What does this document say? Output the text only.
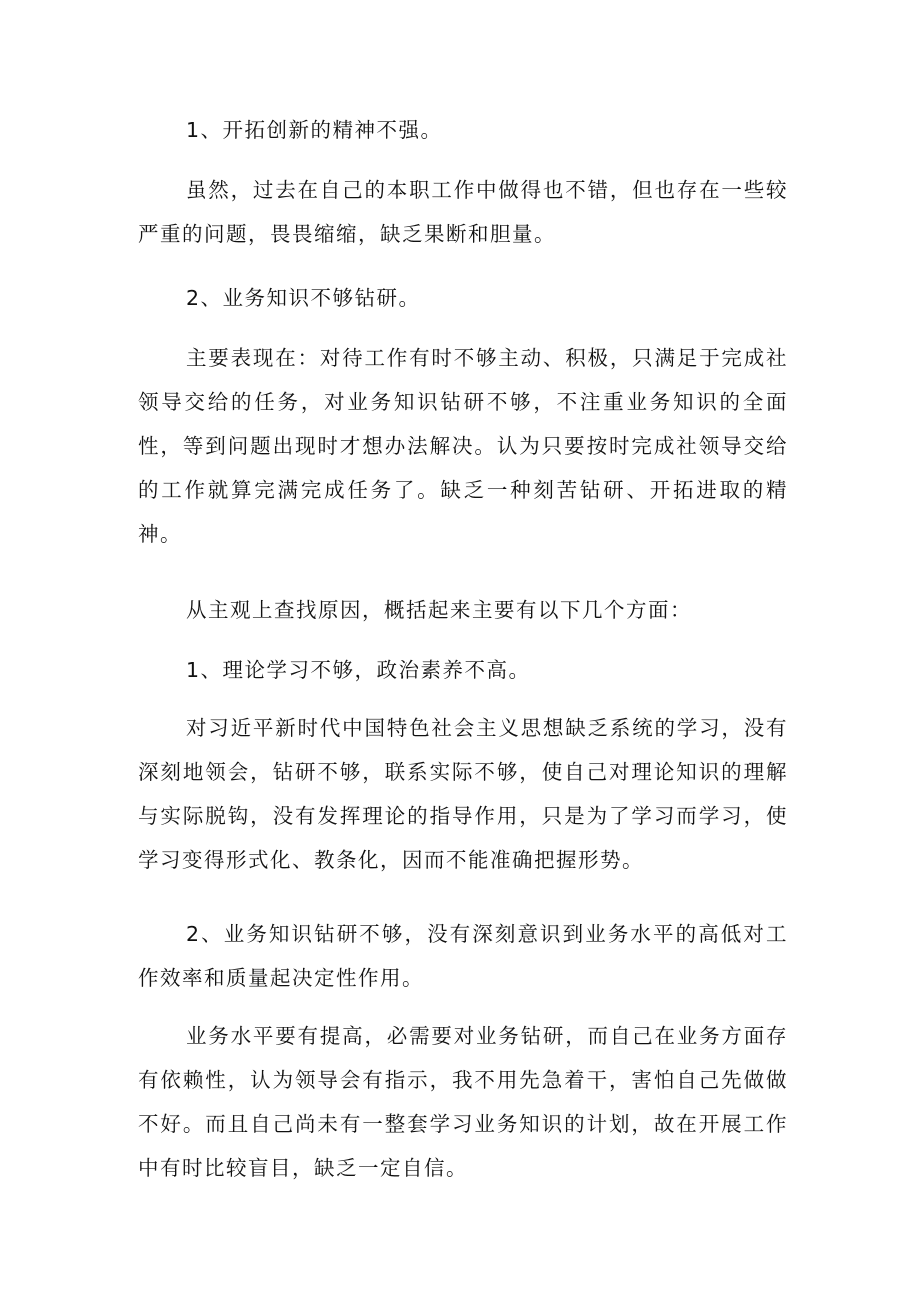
1、开拓创新的精神不强。

虽然，过去在自己的本职工作中做得也不错，但也存在一些较严重的问题，畏畏缩缩，缺乏果断和胆量。

2、业务知识不够钻研。

主要表现在：对待工作有时不够主动、积极，只满足于完成社领导交给的任务，对业务知识钻研不够，不注重业务知识的全面性，等到问题出现时才想办法解决。认为只要按时完成社领导交给的工作就算完满完成任务了。缺乏一种刻苦钻研、开拓进取的精神。

从主观上查找原因，概括起来主要有以下几个方面：

1、理论学习不够，政治素养不高。

对习近平新时代中国特色社会主义思想缺乏系统的学习，没有深刻地领会，钻研不够，联系实际不够，使自己对理论知识的理解与实际脱钩，没有发挥理论的指导作用，只是为了学习而学习，使学习变得形式化、教条化，因而不能准确把握形势。

2、业务知识钻研不够，没有深刻意识到业务水平的高低对工作效率和质量起决定性作用。

业务水平要有提高，必需要对业务钻研，而自己在业务方面存有依赖性，认为领导会有指示，我不用先急着干，害怕自己先做做不好。而且自己尚未有一整套学习业务知识的计划，故在开展工作中有时比较盲目，缺乏一定自信。
